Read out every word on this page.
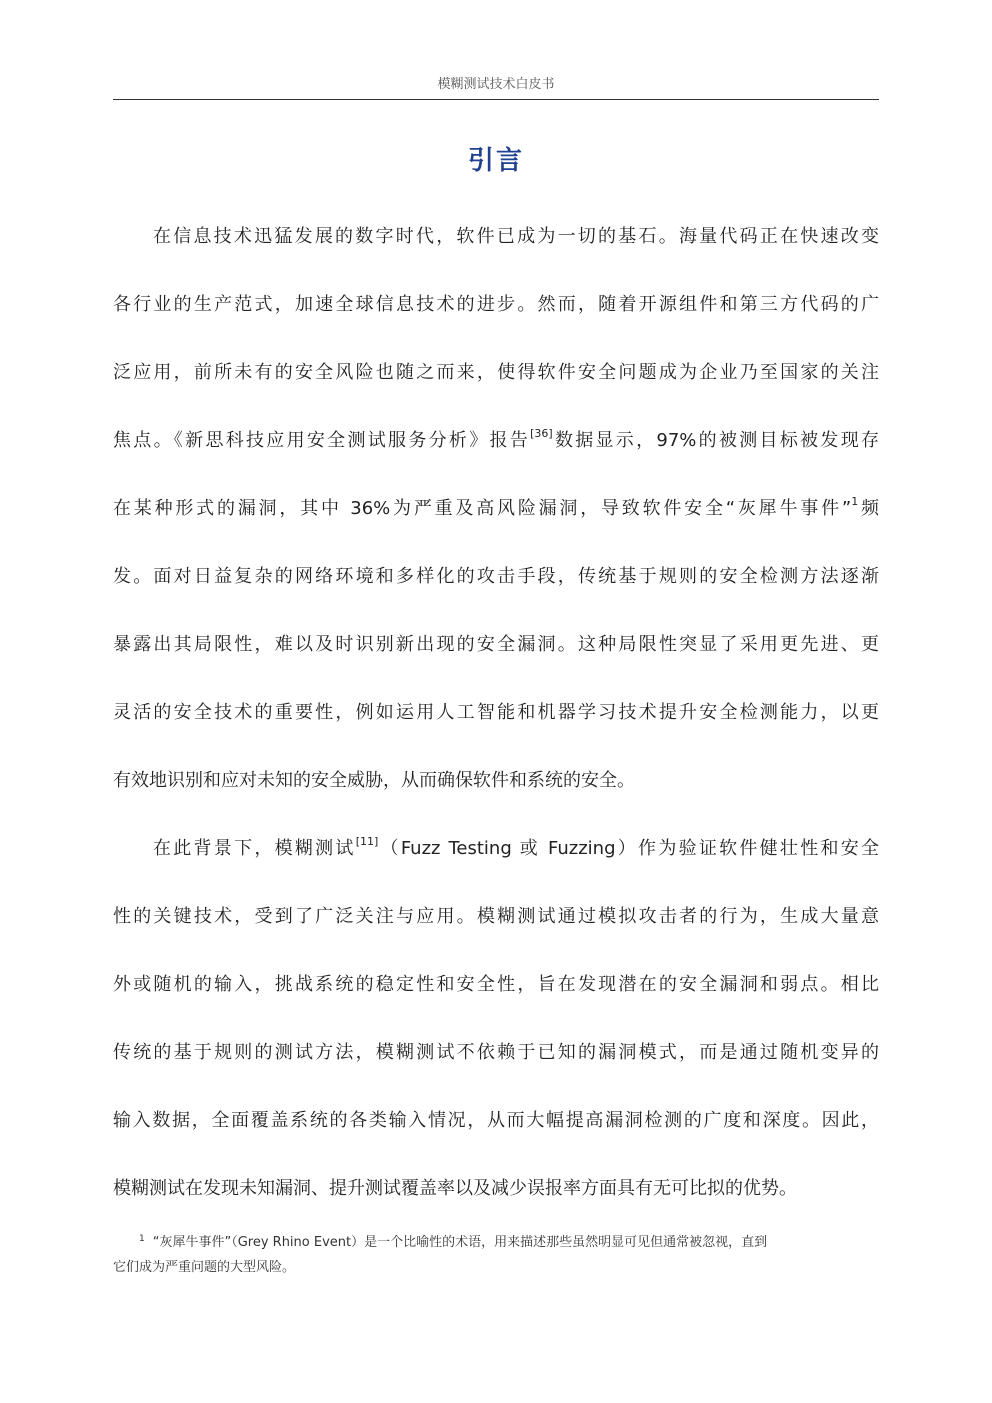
模糊测试技术白皮书
引言
在信息技术迅猛发展的数字时代，软件已成为一切的基石。海量代码正在快速改变
各行业的生产范式，加速全球信息技术的进步。然而，随着开源组件和第三方代码的广
泛应用，前所未有的安全风险也随之而来，使得软件安全问题成为企业乃至国家的关注
焦点。《新思科技应用安全测试服务分析》报告[36]数据显示，97%的被测目标被发现存
在某种形式的漏洞，其中 36%为严重及高风险漏洞，导致软件安全“灰犀牛事件”$^1$频
发。面对日益复杂的网络环境和多样化的攻击手段，传统基于规则的安全检测方法逐渐
暴露出其局限性，难以及时识别新出现的安全漏洞。这种局限性突显了采用更先进、更
灵活的安全技术的重要性，例如运用人工智能和机器学习技术提升安全检测能力，以更
有效地识别和应对未知的安全威胁，从而确保软件和系统的安全。
在此背景下，模糊测试[11]（Fuzz Testing 或 Fuzzing）作为验证软件健壮性和安全
性的关键技术，受到了广泛关注与应用。模糊测试通过模拟攻击者的行为，生成大量意
外或随机的输入，挑战系统的稳定性和安全性，旨在发现潜在的安全漏洞和弱点。相比
传统的基于规则的测试方法，模糊测试不依赖于已知的漏洞模式，而是通过随机变异的
输入数据，全面覆盖系统的各类输入情况，从而大幅提高漏洞检测的广度和深度。因此，
模糊测试在发现未知漏洞、提升测试覆盖率以及减少误报率方面具有无可比拟的优势。
$^1$ “灰犀牛事件”（Grey Rhino Event）是一个比喻性的术语，用来描述那些虽然明显可见但通常被忽视，直到
它们成为严重问题的大型风险。
